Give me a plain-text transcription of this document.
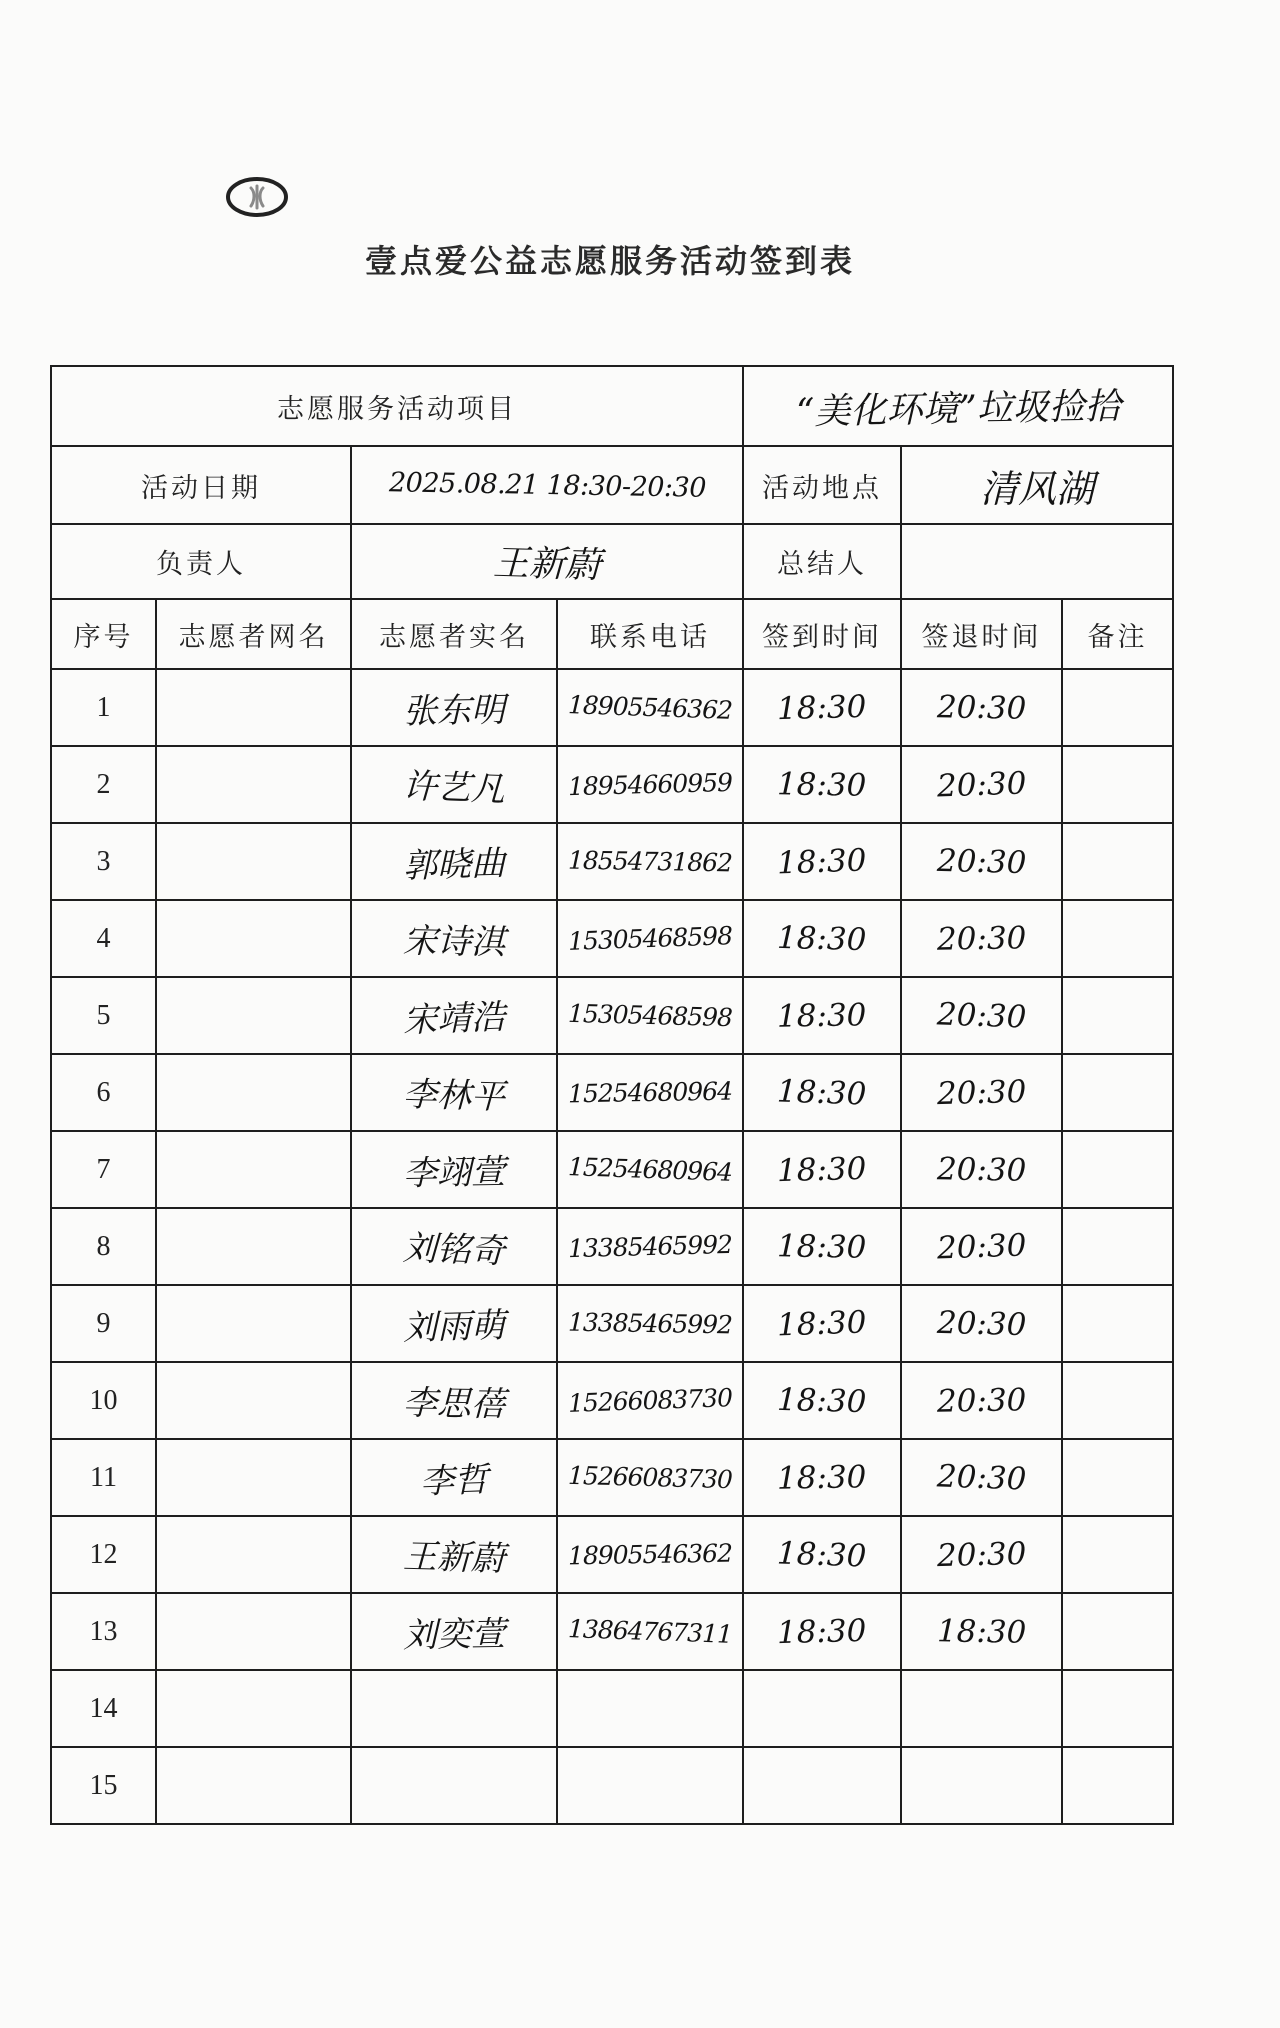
壹点爱公益志愿服务活动签到表
志愿服务活动项目				“美化环境”垃圾捡拾		
活动日期		2025.08.21 18:30-20:30		活动地点	清风湖	
负责人		王新蔚		总结人		
序号	志愿者网名	志愿者实名	联系电话	签到时间	签退时间	备注
1		张东明	18905546362	18:30	20:30	
2		许艺凡	18954660959	18:30	20:30	
3		郭晓曲	18554731862	18:30	20:30	
4		宋诗淇	15305468598	18:30	20:30	
5		宋靖浩	15305468598	18:30	20:30	
6		李林平	15254680964	18:30	20:30	
7		李翊萱	15254680964	18:30	20:30	
8		刘铭奇	13385465992	18:30	20:30	
9		刘雨萌	13385465992	18:30	20:30	
10		李思蓓	15266083730	18:30	20:30	
11		李哲	15266083730	18:30	20:30	
12		王新蔚	18905546362	18:30	20:30	
13		刘奕萱	13864767311	18:30	18:30	
14						
15						
